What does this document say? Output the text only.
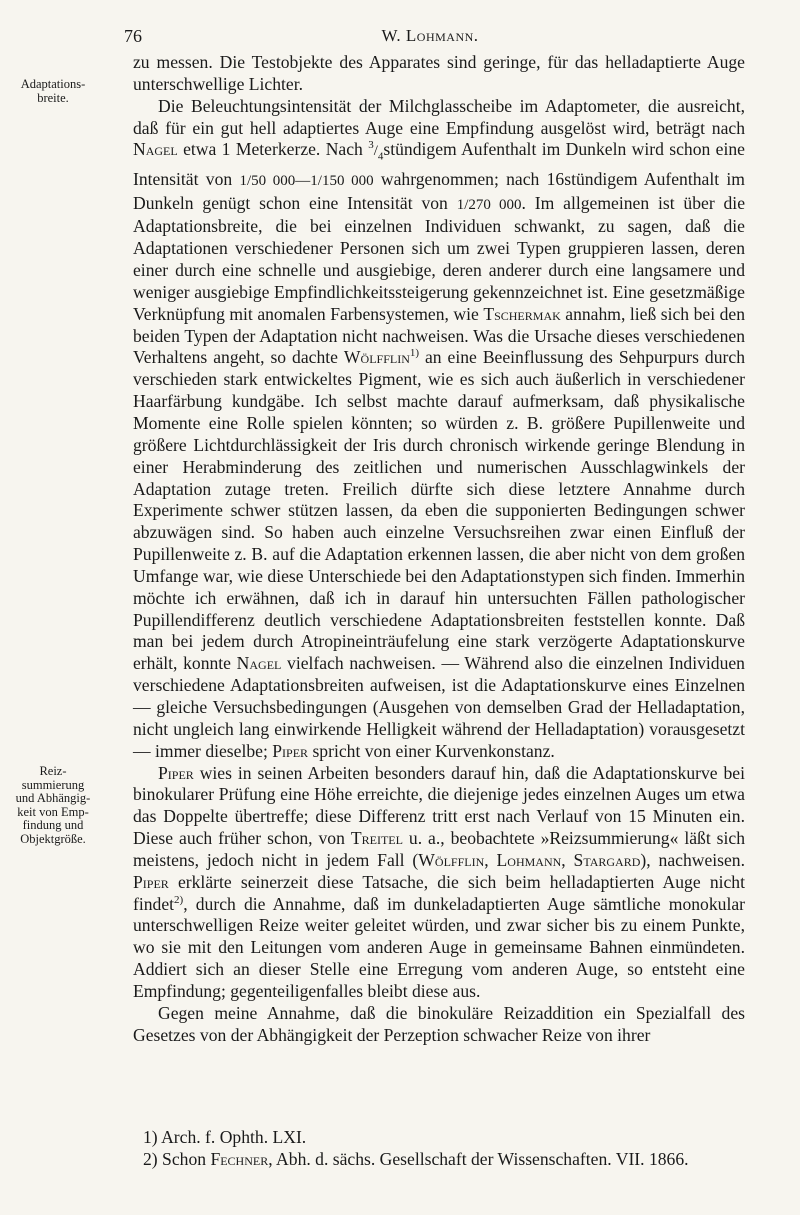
76	W. Lohmann.
Adaptations-
breite.
Reiz-
summierung
und Abhängig-
keit von Emp-
findung und
Objektgröße.

zu messen. Die Testobjekte des Apparates sind geringe, für das helladaptierte Auge unterschwellige Lichter.

Die Beleuchtungsintensität der Milchglasscheibe im Adaptometer, die ausreicht, daß für ein gut hell adaptiertes Auge eine Empfindung ausgelöst wird, beträgt nach Nagel etwa 1 Meterkerze. Nach $^3/_4stündigem$ Aufenthalt im Dunkeln wird schon eine Intensität von 1/50 000—1/150 000 wahrgenommen; nach 16stündigem Aufenthalt im Dunkeln genügt schon eine Intensität von 1/270 000. Im allgemeinen ist über die Adaptationsbreite, die bei einzelnen Individuen schwankt, zu sagen, daß die Adaptationen verschiedener Personen sich um zwei Typen gruppieren lassen, deren einer durch eine schnelle und ausgiebige, deren anderer durch eine langsamere und weniger ausgiebige Empfindlichkeitssteigerung gekennzeichnet ist. Eine gesetzmäßige Verknüpfung mit anomalen Farbensystemen, wie Tschermak annahm, ließ sich bei den beiden Typen der Adaptation nicht nachweisen. Was die Ursache dieses verschiedenen Verhaltens angeht, so dachte Wölfflin$^{1)}$ an eine Beeinflussung des Sehpurpurs durch verschieden stark entwickeltes Pigment, wie es sich auch äußerlich in verschiedener Haarfärbung kundgäbe. Ich selbst machte darauf aufmerksam, daß physikalische Momente eine Rolle spielen könnten; so würden z. B. größere Pupillenweite und größere Lichtdurchlässigkeit der Iris durch chronisch wirkende geringe Blendung in einer Herabminderung des zeitlichen und numerischen Ausschlagwinkels der Adaptation zutage treten. Freilich dürfte sich diese letztere Annahme durch Experimente schwer stützen lassen, da eben die supponierten Bedingungen schwer abzuwägen sind. So haben auch einzelne Versuchsreihen zwar einen Einfluß der Pupillenweite z. B. auf die Adaptation erkennen lassen, die aber nicht von dem großen Umfange war, wie diese Unterschiede bei den Adaptationstypen sich finden. Immerhin möchte ich erwähnen, daß ich in darauf hin untersuchten Fällen pathologischer Pupillendifferenz deutlich verschiedene Adaptationsbreiten feststellen konnte. Daß man bei jedem durch Atropineinträufelung eine stark verzögerte Adaptationskurve erhält, konnte Nagel vielfach nachweisen. — Während also die einzelnen Individuen verschiedene Adaptationsbreiten aufweisen, ist die Adaptationskurve eines Einzelnen — gleiche Versuchsbedingungen (Ausgehen von demselben Grad der Helladaptation, nicht ungleich lang einwirkende Helligkeit während der Helladaptation) vorausgesetzt — immer dieselbe; Piper spricht von einer Kurvenkonstanz.

Piper wies in seinen Arbeiten besonders darauf hin, daß die Adaptationskurve bei binokularer Prüfung eine Höhe erreichte, die diejenige jedes einzelnen Auges um etwa das Doppelte übertreffe; diese Differenz tritt erst nach Verlauf von 15 Minuten ein. Diese auch früher schon, von Treitel u. a., beobachtete »Reizsummierung« läßt sich meistens, jedoch nicht in jedem Fall (Wölfflin, Lohmann, Stargard), nachweisen. Piper erklärte seinerzeit diese Tatsache, die sich beim helladaptierten Auge nicht findet$^{2)}$, durch die Annahme, daß im dunkeladaptierten Auge sämtliche monokular unterschwelligen Reize weiter geleitet würden, und zwar sicher bis zu einem Punkte, wo sie mit den Leitungen vom anderen Auge in gemeinsame Bahnen einmündeten. Addiert sich an dieser Stelle eine Erregung vom anderen Auge, so entsteht eine Empfindung; gegenteiligenfalles bleibt diese aus.

Gegen meine Annahme, daß die binokuläre Reizaddition ein Spezialfall des Gesetzes von der Abhängigkeit der Perzeption schwacher Reize von ihrer

1) Arch. f. Ophth. LXI.

2) Schon Fechner, Abh. d. sächs. Gesellschaft der Wissenschaften. VII. 1866.
